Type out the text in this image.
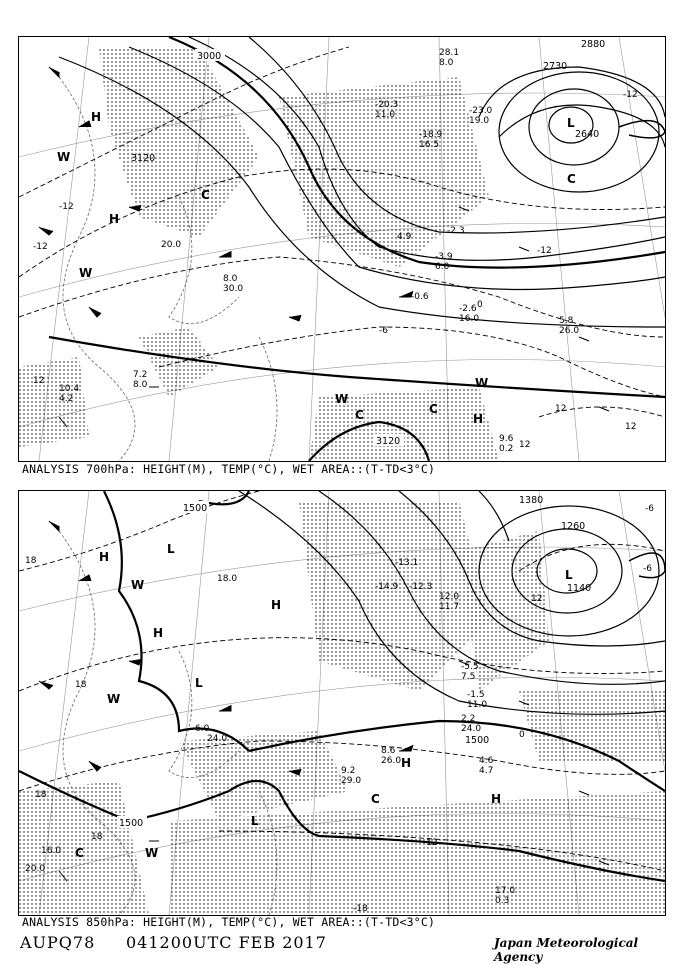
3000
3120
2880
2730
2640
3120
-12
-12	-12
-12
-6
0
12
12
12
12
H
H
C
L
W
W
W
C
W
C
H
C
28.1
8.0
-18.9
16.5
-20.3
11.0	-23.0
19.0
4.9
-2.3
-3.9
6.0
-0.6
-2.6
16.0	5.8
26.0
9.6
0.2
10.4
4.2
7.2
8.0
20.0
8.0
30.0
ANALYSIS 700hPa: HEIGHT(M), TEMP(°C), WET AREA::(T-TD<3°C)
1500
1380
1260
1140
1500
1500
18
18
18
18
-6
-12
12
0
-6
-18
H
L
W
H
L
H
W
L
C
H
H
L
W
C
-13.1
-12.3
-14.9
12.0
11.7
-5.5
7.5
-1.5
11.0
2.2
24.0
4.6
4.7
8.6
26.0
9.2
29.0
17.0
0.3
20.0
16.0
6.0
24.0
18.0
ANALYSIS 850hPa: HEIGHT(M), TEMP(°C), WET AREA::(T-TD<3°C)
AUPQ78 041200UTC FEB 2017	Japan Meteorological Agency
